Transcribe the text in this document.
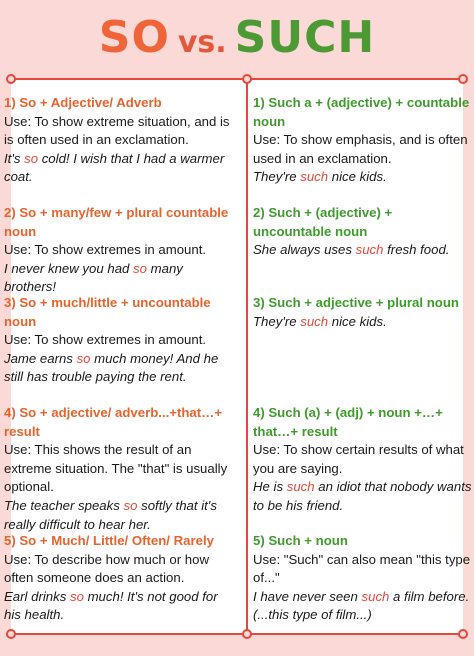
SO vs. SUCH
1) So + Adjective/ Adverb
Use: To show extreme situation, and is
is often used in an exclamation.
It's so cold! I wish that I had a warmer coat.
2) So + many/few + plural countable noun
Use: To show extremes in amount.
I never knew you had so many brothers!
3) So + much/little + uncountable noun
Use: To show extremes in amount.
Jame earns so much money! And he still has trouble paying the rent.
4) So + adjective/ adverb...+that…+ result
Use: This shows the result of an extreme situation. The "that" is usually optional.
The teacher speaks so softly that it's really difficult to hear her.
5) So + Much/ Little/ Often/ Rarely
Use: To describe how much or how often someone does an action.
Earl drinks so much! It's not good for his health.
1) Such a + (adjective) + countable noun
Use: To show emphasis, and is often used in an exclamation.
They're such nice kids.
2) Such + (adjective) + uncountable noun
She always uses such fresh food.
3) Such + adjective + plural noun
They're such nice kids.
4) Such (a) + (adj) + noun +…+ that…+ result
Use: To show certain results of what you are saying.
He is such an idiot that nobody wants to be his friend.
5) Such + noun
Use: "Such" can also mean "this type of..."
I have never seen such a film before. (...this type of film...)
